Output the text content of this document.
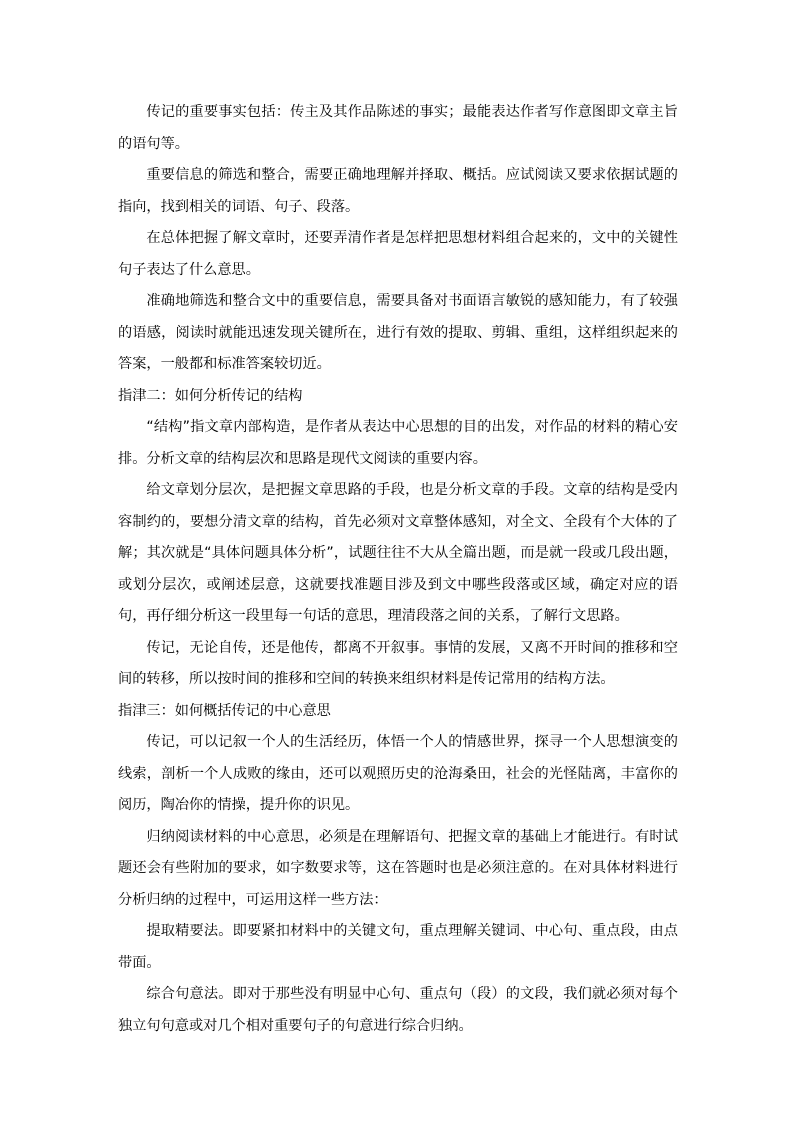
传记的重要事实包括：传主及其作品陈述的事实；最能表达作者写作意图即文章主旨的语句等。

重要信息的筛选和整合，需要正确地理解并择取、概括。应试阅读又要求依据试题的指向，找到相关的词语、句子、段落。

在总体把握了解文章时，还要弄清作者是怎样把思想材料组合起来的，文中的关键性句子表达了什么意思。

准确地筛选和整合文中的重要信息，需要具备对书面语言敏锐的感知能力，有了较强的语感，阅读时就能迅速发现关键所在，进行有效的提取、剪辑、重组，这样组织起来的答案，一般都和标准答案较切近。

指津二：如何分析传记的结构

“结构”指文章内部构造，是作者从表达中心思想的目的出发，对作品的材料的精心安排。分析文章的结构层次和思路是现代文阅读的重要内容。

给文章划分层次，是把握文章思路的手段，也是分析文章的手段。文章的结构是受内容制约的，要想分清文章的结构，首先必须对文章整体感知，对全文、全段有个大体的了解；其次就是“具体问题具体分析”，试题往往不大从全篇出题，而是就一段或几段出题，或划分层次，或阐述层意，这就要找准题目涉及到文中哪些段落或区域，确定对应的语句，再仔细分析这一段里每一句话的意思，理清段落之间的关系，了解行文思路。

传记，无论自传，还是他传，都离不开叙事。事情的发展，又离不开时间的推移和空间的转移，所以按时间的推移和空间的转换来组织材料是传记常用的结构方法。

指津三：如何概括传记的中心意思

传记，可以记叙一个人的生活经历，体悟一个人的情感世界，探寻一个人思想演变的线索，剖析一个人成败的缘由，还可以观照历史的沧海桑田，社会的光怪陆离，丰富你的阅历，陶冶你的情操，提升你的识见。

归纳阅读材料的中心意思，必须是在理解语句、把握文章的基础上才能进行。有时试题还会有些附加的要求，如字数要求等，这在答题时也是必须注意的。在对具体材料进行分析归纳的过程中，可运用这样一些方法：

提取精要法。即要紧扣材料中的关键文句，重点理解关键词、中心句、重点段，由点带面。

综合句意法。即对于那些没有明显中心句、重点句（段）的文段，我们就必须对每个独立句句意或对几个相对重要句子的句意进行综合归纳。
